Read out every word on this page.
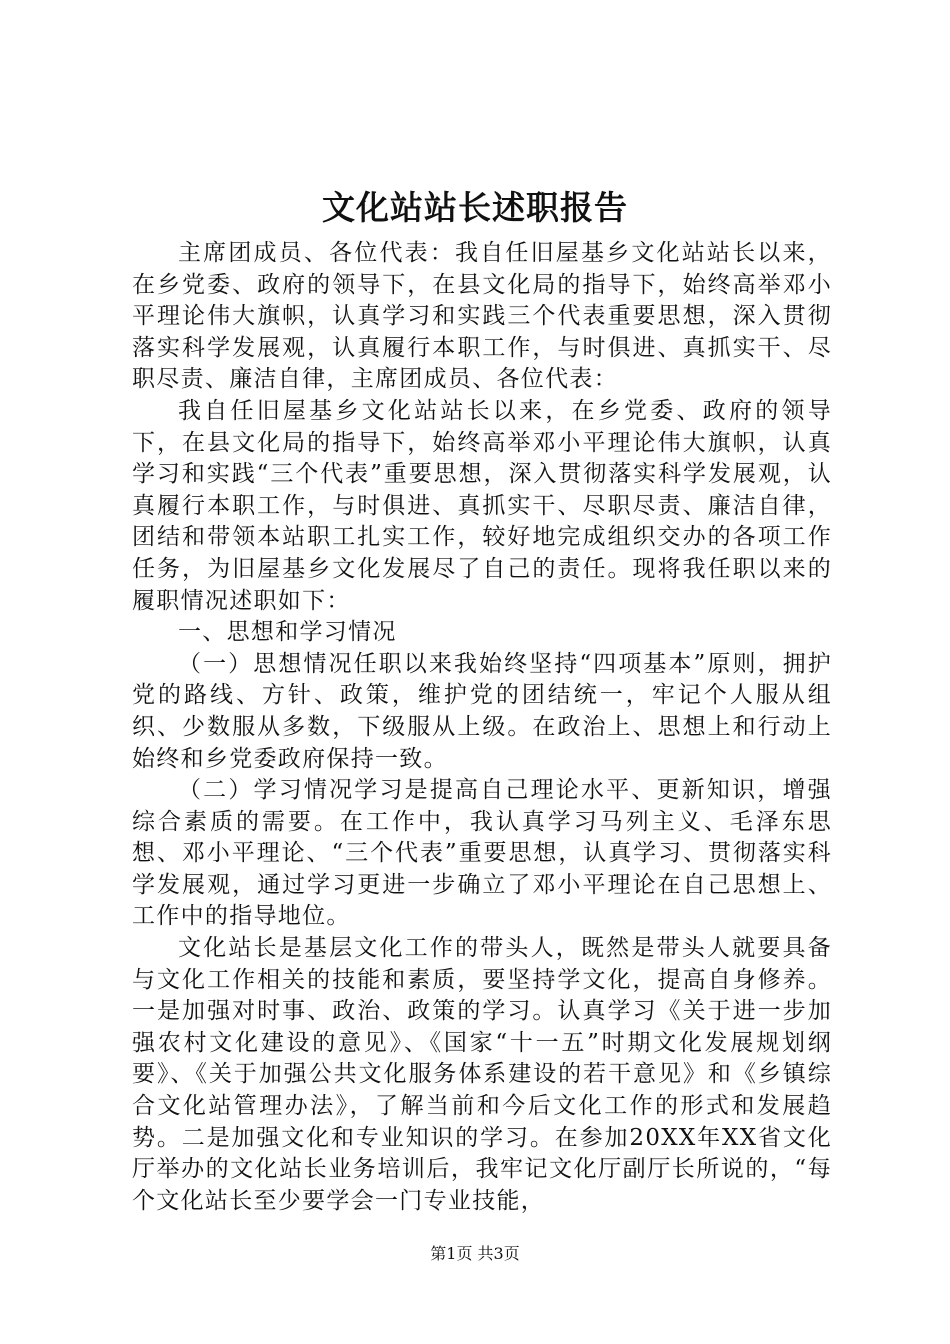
文化站站长述职报告

主席团成员、各位代表：我自任旧屋基乡文化站站长以来，在乡党委、政府的领导下，在县文化局的指导下，始终高举邓小平理论伟大旗帜，认真学习和实践三个代表重要思想，深入贯彻落实科学发展观，认真履行本职工作，与时俱进、真抓实干、尽职尽责、廉洁自律，主席团成员、各位代表：

我自任旧屋基乡文化站站长以来，在乡党委、政府的领导下，在县文化局的指导下，始终高举邓小平理论伟大旗帜，认真学习和实践“三个代表”重要思想，深入贯彻落实科学发展观，认真履行本职工作，与时俱进、真抓实干、尽职尽责、廉洁自律，团结和带领本站职工扎实工作，较好地完成组织交办的各项工作任务，为旧屋基乡文化发展尽了自己的责任。现将我任职以来的履职情况述职如下：

一、思想和学习情况

（一）思想情况任职以来我始终坚持“四项基本”原则，拥护党的路线、方针、政策，维护党的团结统一，牢记个人服从组织、少数服从多数，下级服从上级。在政治上、思想上和行动上始终和乡党委政府保持一致。

（二）学习情况学习是提高自己理论水平、更新知识，增强综合素质的需要。在工作中，我认真学习马列主义、毛泽东思想、邓小平理论、“三个代表”重要思想，认真学习、贯彻落实科学发展观，通过学习更进一步确立了邓小平理论在自己思想上、工作中的指导地位。

文化站长是基层文化工作的带头人，既然是带头人就要具备与文化工作相关的技能和素质，要坚持学文化，提高自身修养。一是加强对时事、政治、政策的学习。认真学习《关于进一步加强农村文化建设的意见》、《国家“十一五”时期文化发展规划纲要》、《关于加强公共文化服务体系建设的若干意见》和《乡镇综合文化站管理办法》，了解当前和今后文化工作的形式和发展趋势。二是加强文化和专业知识的学习。在参加20XX年XX省文化厅举办的文化站长业务培训后，我牢记文化厅副厅长所说的，“每个文化站长至少要学会一门专业技能，

第1页 共3页
